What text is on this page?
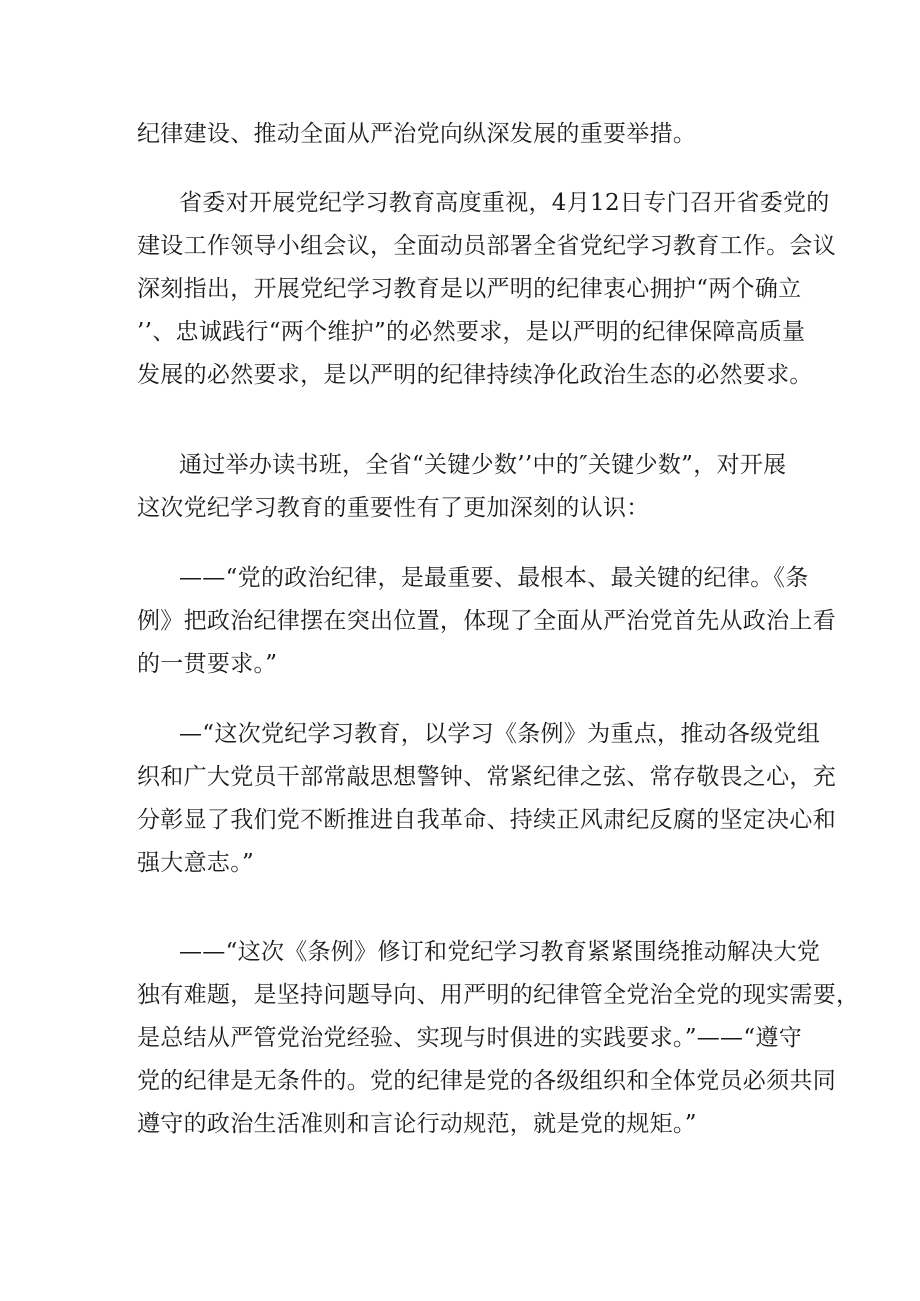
纪律建设、推动全面从严治党向纵深发展的重要举措。

省委对开展党纪学习教育高度重视，4月12日专门召开省委党的
建设工作领导小组会议，全面动员部署全省党纪学习教育工作。会议
深刻指出，开展党纪学习教育是以严明的纪律衷心拥护“两个确立
’’、忠诚践行“两个维护”的必然要求，是以严明的纪律保障高质量
发展的必然要求，是以严明的纪律持续净化政治生态的必然要求。

通过举办读书班，全省“关键少数’’中的″关键少数”，对开展
这次党纪学习教育的重要性有了更加深刻的认识：

——“党的政治纪律，是最重要、最根本、最关键的纪律。《条
例》把政治纪律摆在突出位置，体现了全面从严治党首先从政治上看
的一贯要求。”

—“这次党纪学习教育，以学习《条例》为重点，推动各级党组
织和广大党员干部常敲思想警钟、常紧纪律之弦、常存敬畏之心，充
分彰显了我们党不断推进自我革命、持续正风肃纪反腐的坚定决心和
强大意志。”

——“这次《条例》修订和党纪学习教育紧紧围绕推动解决大党
独有难题，是坚持问题导向、用严明的纪律管全党治全党的现实需要，
是总结从严管党治党经验、实现与时俱进的实践要求。”——“遵守
党的纪律是无条件的。党的纪律是党的各级组织和全体党员必须共同
遵守的政治生活准则和言论行动规范，就是党的规矩。”
